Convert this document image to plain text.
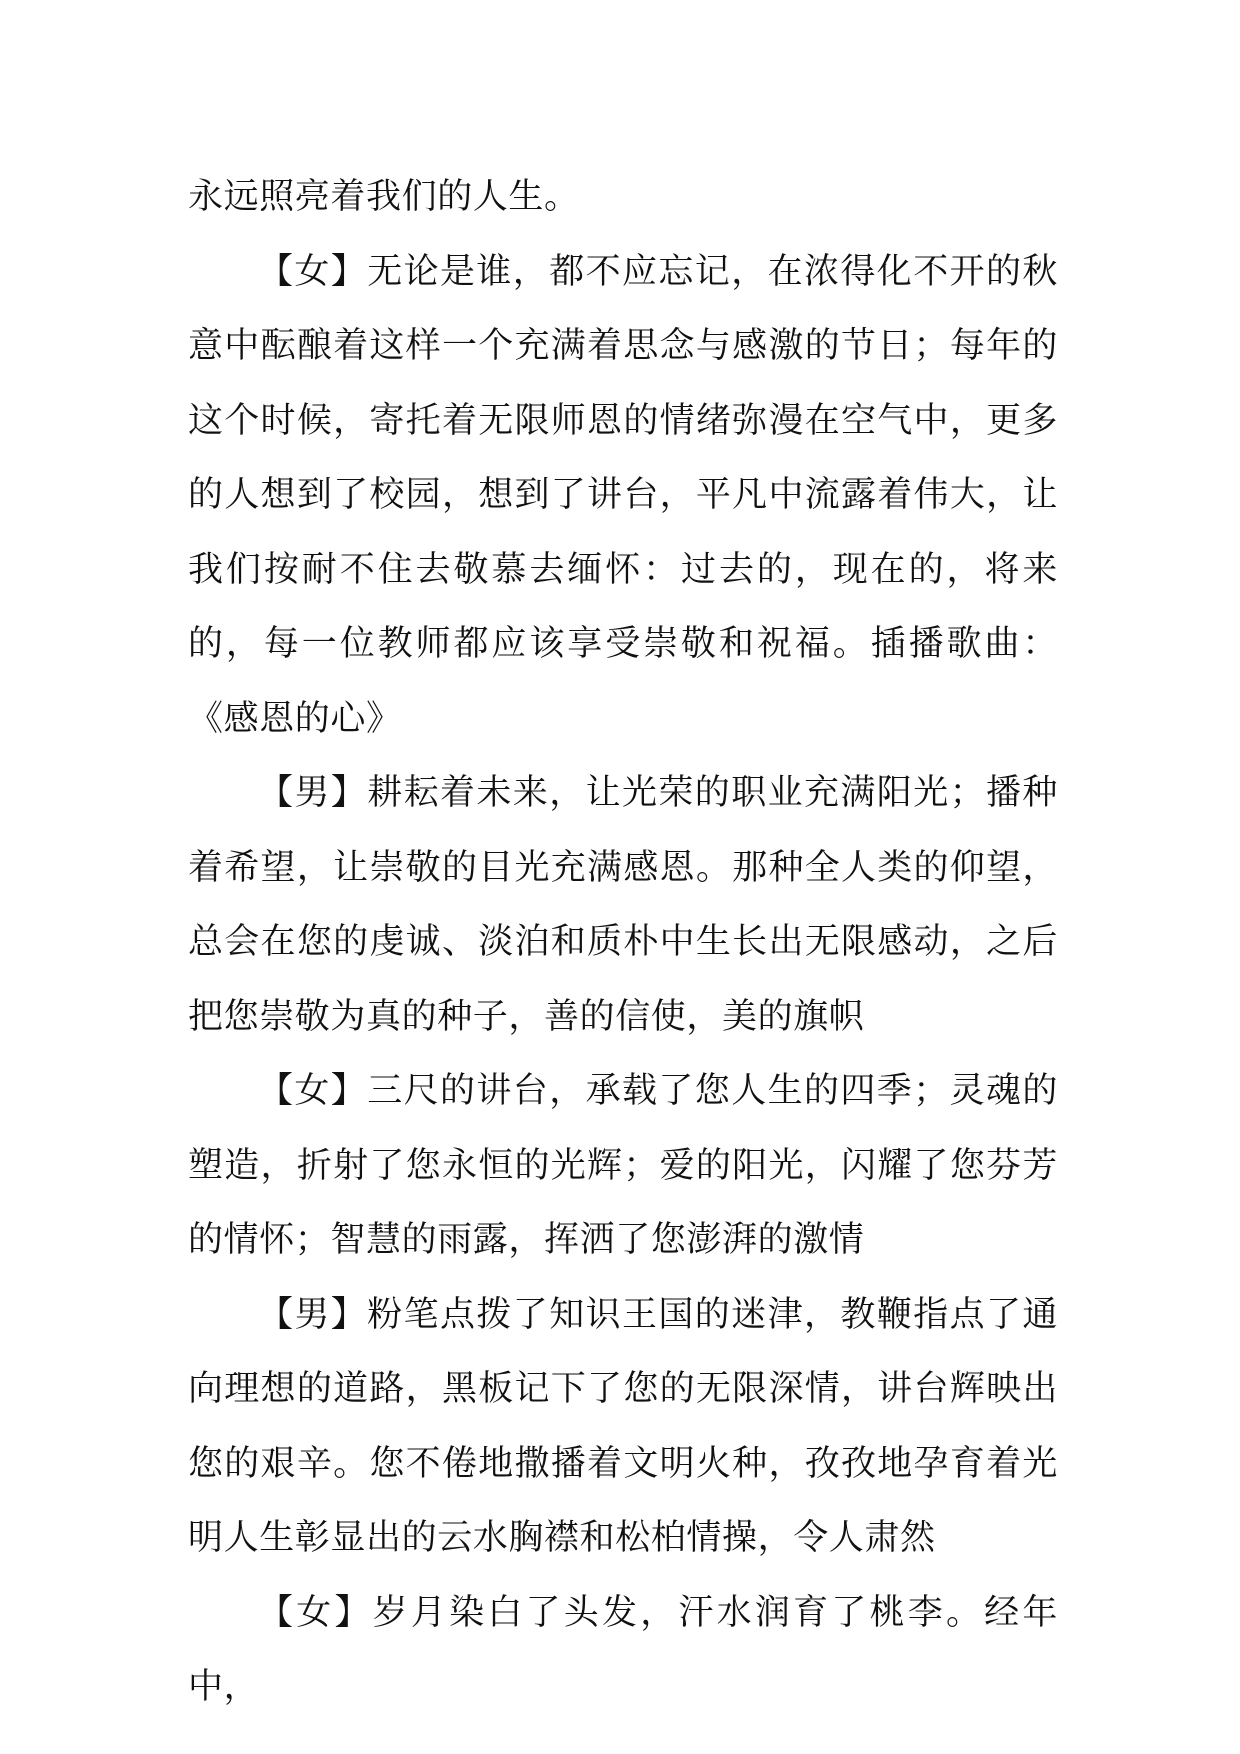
永远照亮着我们的人生。

【女】无论是谁，都不应忘记，在浓得化不开的秋意中酝酿着这样一个充满着思念与感激的节日；每年的这个时候，寄托着无限师恩的情绪弥漫在空气中，更多的人想到了校园，想到了讲台，平凡中流露着伟大，让我们按耐不住去敬慕去缅怀：过去的，现在的，将来的，每一位教师都应该享受崇敬和祝福。插播歌曲：《感恩的心》

【男】耕耘着未来，让光荣的职业充满阳光；播种着希望，让崇敬的目光充满感恩。那种全人类的仰望，总会在您的虔诚、淡泊和质朴中生长出无限感动，之后把您崇敬为真的种子，善的信使，美的旗帜

【女】三尺的讲台，承载了您人生的四季；灵魂的塑造，折射了您永恒的光辉；爱的阳光，闪耀了您芬芳的情怀；智慧的雨露，挥洒了您澎湃的激情

【男】粉笔点拨了知识王国的迷津，教鞭指点了通向理想的道路，黑板记下了您的无限深情，讲台辉映出您的艰辛。您不倦地撒播着文明火种，孜孜地孕育着光明人生彰显出的云水胸襟和松柏情操，令人肃然

【女】岁月染白了头发，汗水润育了桃李。经年中，
